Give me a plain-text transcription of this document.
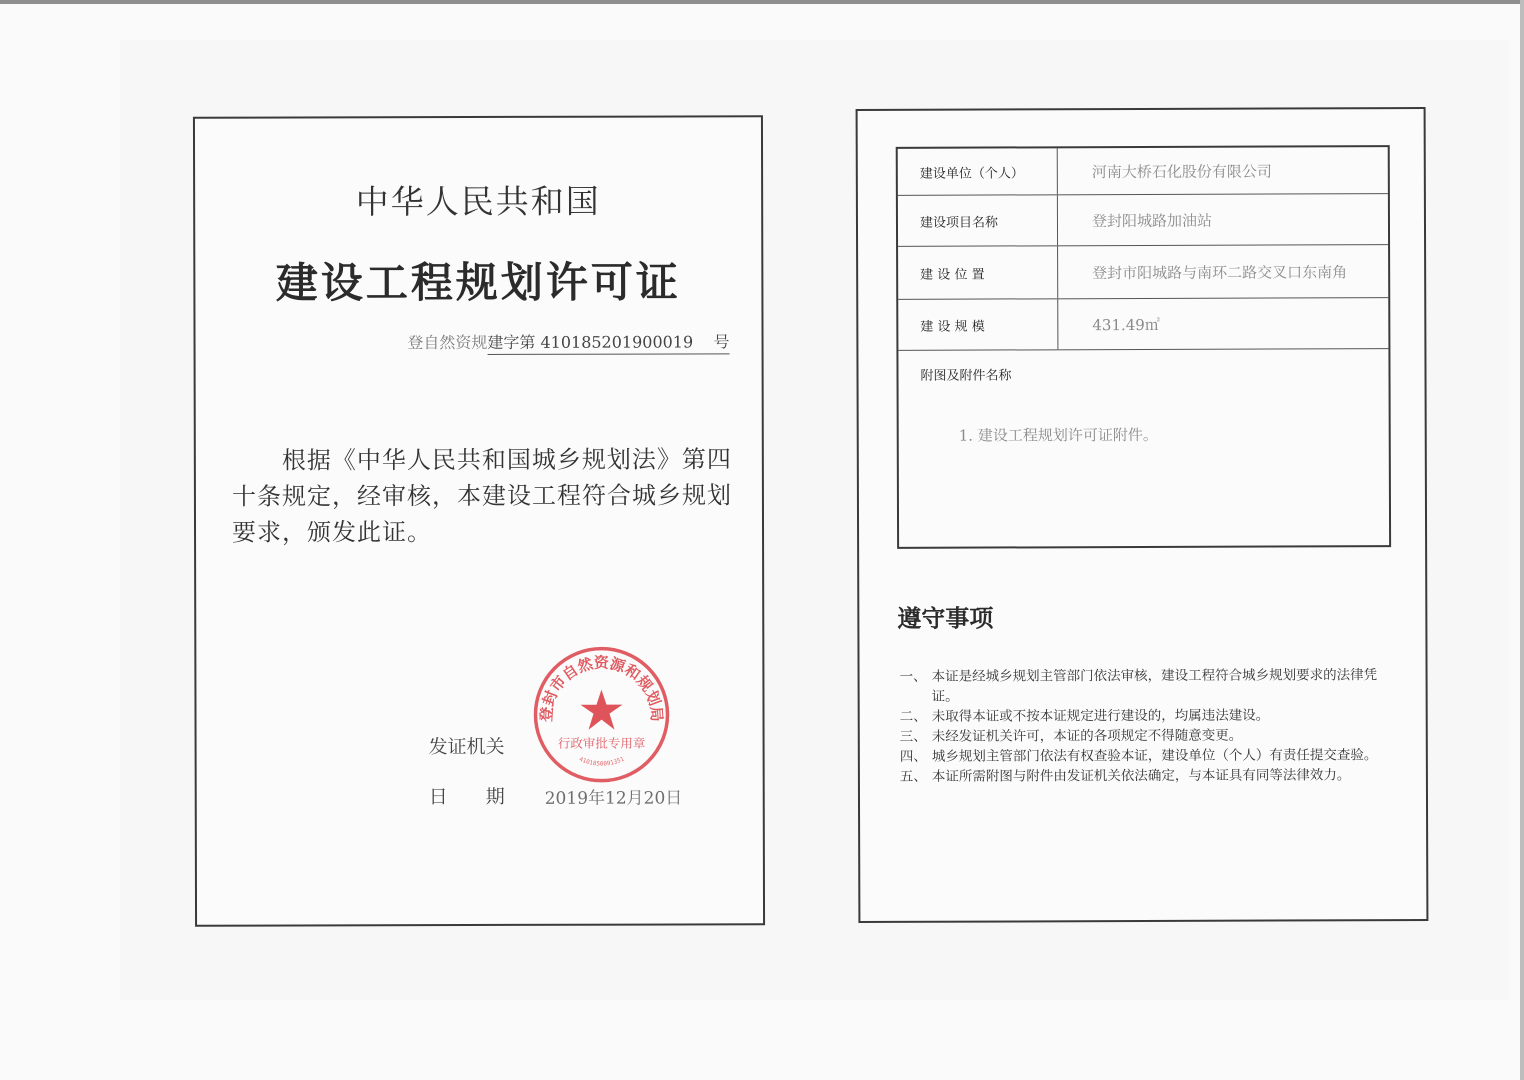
中华人民共和国
建设工程规划许可证
登自然资规建字第 410185201900019 号
  根据《中华人民共和国城乡规划法》第四十条规定，经审核，本建设工程符合城乡规划要求，颁发此证。
发证机关
日期
登封市自然资源和规划局
行政审批专用章
4101850091351
2019年12月20日
建设单位（个人）	河南大桥石化股份有限公司
建设项目名称	登封阳城路加油站
建 设 位 置	登封市阳城路与南环二路交叉口东南角
建 设 规 模	431.49㎡
附图及附件名称
1. 建设工程规划许可证附件。
遵守事项
一、 本证是经城乡规划主管部门依法审核，建设工程符合城乡规划要求的法律凭证。
二、 未取得本证或不按本证规定进行建设的，均属违法建设。
三、 未经发证机关许可，本证的各项规定不得随意变更。
四、 城乡规划主管部门依法有权查验本证，建设单位（个人）有责任提交查验。
五、 本证所需附图与附件由发证机关依法确定，与本证具有同等法律效力。
